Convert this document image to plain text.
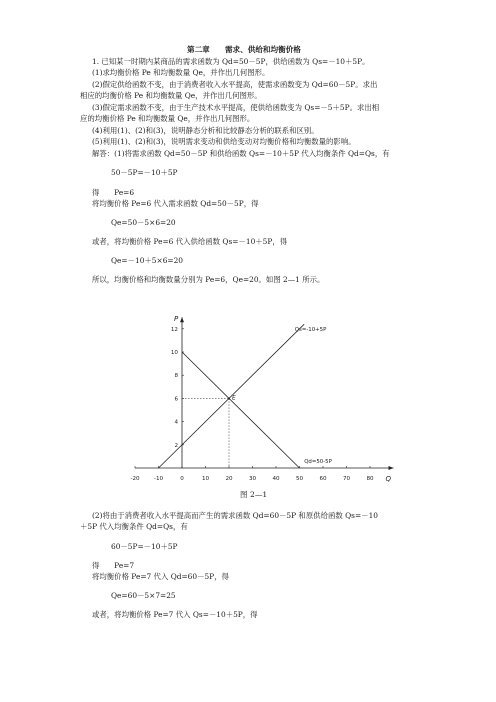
第二章　　需求、供给和均衡价格
1. 已知某一时期内某商品的需求函数为 Qd=50－5P，供给函数为 Qs=－10＋5P。
(1)求均衡价格 Pe 和均衡数量 Qe，并作出几何图形。
(2)假定供给函数不变，由于消费者收入水平提高，使需求函数变为 Qd=60－5P。求出
相应的均衡价格 Pe 和均衡数量 Qe，并作出几何图形。
(3)假定需求函数不变，由于生产技术水平提高，使供给函数变为 Qs=－5＋5P。求出相
应的均衡价格 Pe 和均衡数量 Qe，并作出几何图形。
(4)利用(1)、(2)和(3)，说明静态分析和比较静态分析的联系和区别。
(5)利用(1)、(2)和(3)，说明需求变动和供给变动对均衡价格和均衡数量的影响。
解答：(1)将需求函数 Qd=50－5P 和供给函数 Qs=－10＋5P 代入均衡条件 Qd=Qs，有
50－5P=－10＋5P
得　　Pe=6
将均衡价格 Pe=6 代入需求函数 Qd=50－5P，得
Qe=50－5×6=20
或者，将均衡价格 Pe=6 代入供给函数 Qs=－10＋5P，得
Qe=－10＋5×6=20
所以，均衡价格和均衡数量分别为 Pe=6，Qe=20。如图 2—1 所示。
Q
P
-20	-10	0	10	20	30	40	50	60	70	80
2
4
6
8
10
12	Qs=-10+5P
Qd=50-5P
E
图 2—1
(2)将由于消费者收入水平提高而产生的需求函数 Qd=60－5P 和原供给函数 Qs=－10
＋5P 代入均衡条件 Qd=Qs，有
60－5P=－10＋5P
得　　Pe=7
将均衡价格 Pe=7 代入 Qd=60－5P，得
Qe=60－5×7=25
或者，将均衡价格 Pe=7 代入 Qs=－10＋5P，得
